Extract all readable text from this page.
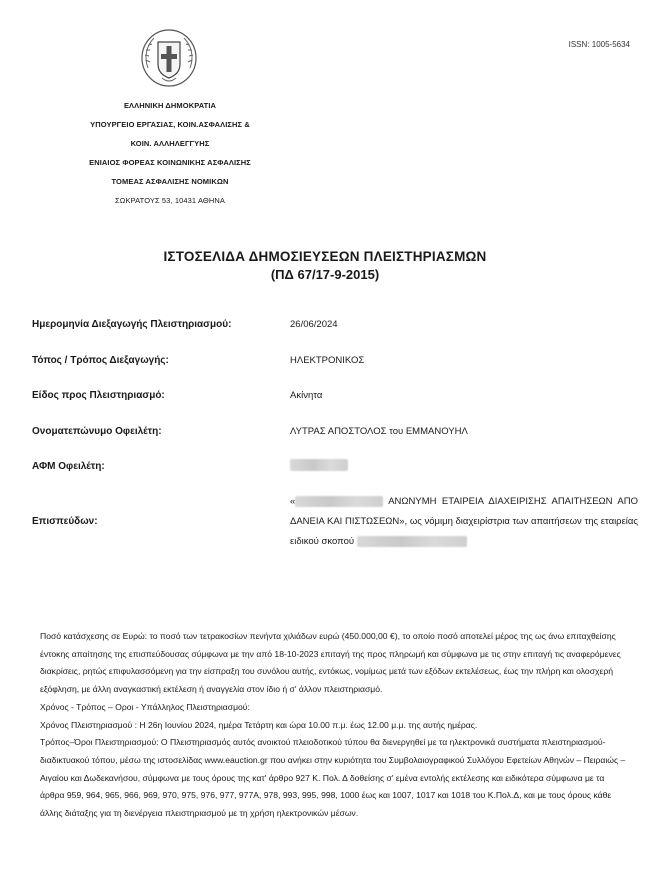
ISSN: 1005-5634
ΕΛΛΗΝΙΚΗ ΔΗΜΟΚΡΑΤΙΑ
ΥΠΟΥΡΓΕΙΟ ΕΡΓΑΣΙΑΣ, ΚΟΙΝ.ΑΣΦΑΛΙΣΗΣ &
ΚΟΙΝ. ΑΛΛΗΛΕΓΓΥΗΣ
ΕΝΙΑΙΟΣ ΦΟΡΕΑΣ ΚΟΙΝΩΝΙΚΗΣ ΑΣΦΑΛΙΣΗΣ
ΤΟΜΕΑΣ ΑΣΦΑΛΙΣΗΣ ΝΟΜΙΚΩΝ
ΣΩΚΡΑΤΟΥΣ 53, 10431 ΑΘΗΝΑ
ΙΣΤΟΣΕΛΙΔΑ ΔΗΜΟΣΙΕΥΣΕΩΝ ΠΛΕΙΣΤΗΡΙΑΣΜΩΝ
(ΠΔ 67/17-9-2015)
Ημερομηνία Διεξαγωγής Πλειστηριασμού:	26/06/2024
Τόπος / Τρόπος Διεξαγωγής:	ΗΛΕΚΤΡΟΝΙΚΟΣ
Είδος προς Πλειστηριασμό:	Ακίνητα
Ονοματεπώνυμο Οφειλέτη:	ΛΥΤΡΑΣ ΑΠΟΣΤΟΛΟΣ του ΕΜΜΑΝΟΥΗΛ
ΑΦΜ Οφειλέτη:
Επισπεύδων:
«	ΑΝΩΝΥΜΗ ΕΤΑΙΡΕΙΑ ΔΙΑΧΕΙΡΙΣΗΣ ΑΠΑΙΤΗΣΕΩΝ ΑΠΟ ΔΑΝΕΙΑ ΚΑΙ ΠΙΣΤΩΣΕΩΝ», ως νόμιμη διαχειρίστρια των απαιτήσεων της εταιρείας ειδικού σκοπού

Ποσό κατάσχεσης σε Ευρώ: το ποσό των τετρακοσίων πενήντα χιλιάδων ευρώ (450.000,00 €), το οποίο ποσό αποτελεί μέρος της ως άνω επιταχθείσης έντοκης απαίτησης της επισπεύδουσας σύμφωνα με την από 18-10-2023 επιταγή της προς πληρωμή και σύμφωνα με τις στην επιταγή τις αναφερόμενες διακρίσεις, ρητώς επιφυλασσόμενη για την είσπραξη του συνόλου αυτής, εντόκως, νομίμως μετά των εξόδων εκτελέσεως, έως την πλήρη και ολοσχερή εξόφληση, με άλλη αναγκαστική εκτέλεση ή αναγγελία στον ίδιο ή σ' άλλον πλειστηριασμό.

Χρόνος - Τρόπος – Οροι - Υπάλληλος Πλειστηριασμού:

Χρόνος Πλειστηριασμού : Η 26η Ιουνίου 2024, ημέρα Τετάρτη και ώρα 10.00 π.μ. έως 12.00 μ.μ. της αυτής ημέρας.

Τρόπος–Όροι Πλειστηριασμού: Ο Πλειστηριασμός αυτός ανοικτού πλειοδοτικού τύπου θα διενεργηθεί με τα ηλεκτρονικά συστήματα πλειστηριασμού- διαδικτυακού τόπου, μέσω της ιστοσελίδας www.eauction.gr που ανήκει στην κυριότητα του Συμβολαιογραφικού Συλλόγου Εφετείων Αθηνών – Πειραιώς – Αιγαίου και Δωδεκανήσου, σύμφωνα με τους όρους της κατ' άρθρο 927 Κ. Πολ. Δ δοθείσης σ' εμένα εντολής εκτέλεσης και ειδικότερα σύμφωνα με τα άρθρα 959, 964, 965, 966, 969, 970, 975, 976, 977, 977Α, 978, 993, 995, 998, 1000 έως και 1007, 1017 και 1018 του Κ.Πολ.Δ, και με τους όρους κάθε άλλης διάταξης για τη διενέργεια πλειστηριασμού με τη χρήση ηλεκτρονικών μέσων.
